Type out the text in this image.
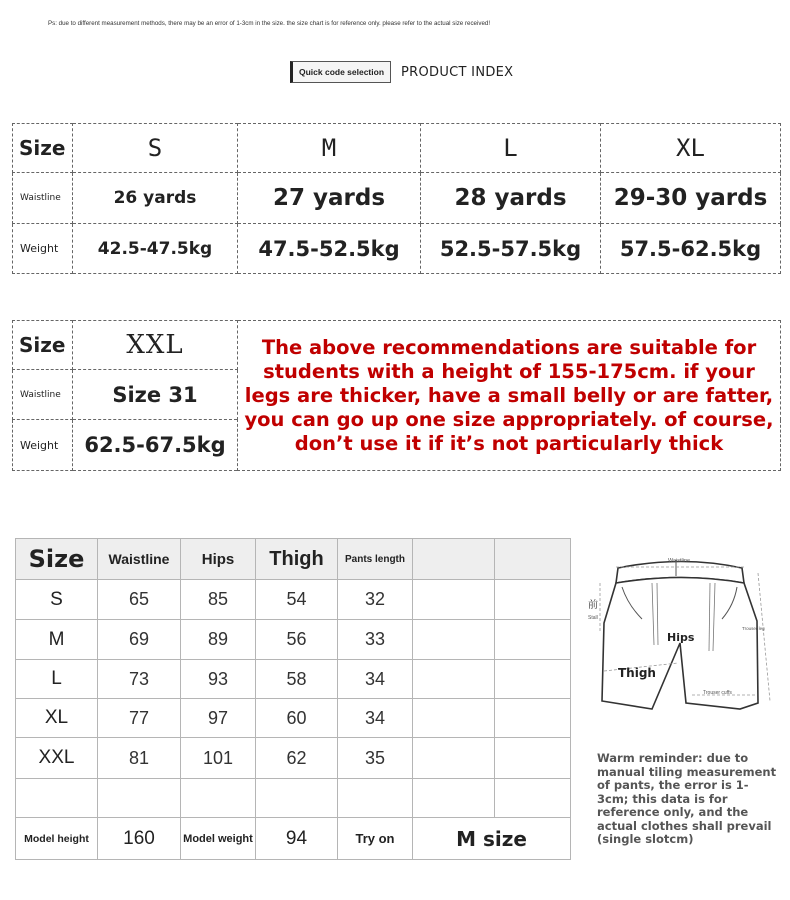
Ps: due to different measurement methods, there may be an error of 1-3cm in the size. the size chart is for reference only. please refer to the actual size received!
Quick code selection	PRODUCT INDEX
Size	S	M	L	XL
Waistline	26 yards	27 yards	28 yards	29-30 yards
Weight	42.5-47.5kg	47.5-52.5kg	52.5-57.5kg	57.5-62.5kg
Size	XXL	The above recommendations are suitable for students with a height of 155-175cm. if your legs are thicker, have a small belly or are fatter, you can go up one size appropriately. of course, don’t use it if it’s not particularly thick
Waistline	Size 31	
Weight	62.5-67.5kg	
Size	Waistline	Hips	Thigh	Pants length		
S	65	85	54	32		
M	69	89	56	33		
L	73	93	58	34		
XL	77	97	60	34		
XXL	81	101	62	35		

Model height	160	Model weight	94	Try on	M size	
Waistline
Trouser leg
前
Stall
Hips
Thigh
Trouser cuffs
Warm reminder: due to manual tiling measurement of pants, the error is 1-3cm; this data is for reference only, and the actual clothes shall prevail (single slotcm)
